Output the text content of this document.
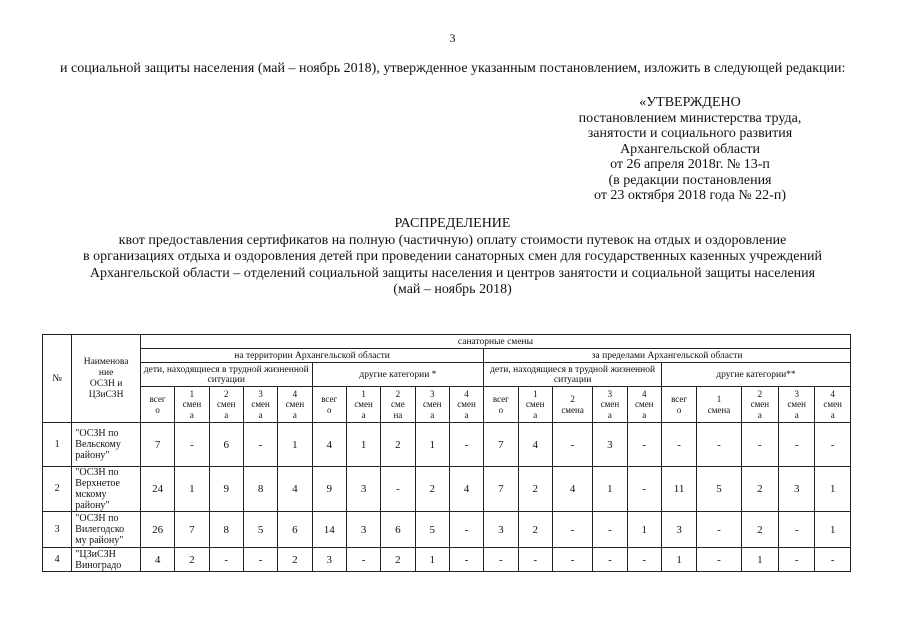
3
и социальной защиты населения (май – ноябрь 2018), утвержденное указанным постановлением, изложить в следующей редакции:
«УТВЕРЖДЕНО
постановлением министерства труда,
занятости и социального развития
Архангельской области
от 26 апреля 2018г. № 13-п
(в редакции постановления
от 23 октября 2018 года № 22-п)
РАСПРЕДЕЛЕНИЕ
квот предоставления сертификатов на полную (частичную) оплату стоимости путевок на отдых и оздоровление
в организациях отдыха и оздоровления детей при проведении санаторных смен для государственных казенных учреждений
Архангельской области – отделений социальной защиты населения и центров занятости и социальной защиты населения
(май – ноябрь 2018)
№	Наименова
ние
ОСЗН и
ЦЗиСЗН	санаторные смены																			
		на территории Архангельской области										за пределами Архангельской области									
		дети, находящиеся в трудной жизненной ситуации					другие категории *					дети, находящиеся в трудной жизненной ситуации					другие категории**				
		всег
о	1
смен
а	2
смен
а	3
смен
а	4
смен
а	всег
о	1
смен
а	2
сме
на	3
смен
а	4
смен
а	всег
о	1
смен
а	2
смена	3
смен
а	4
смен
а	всег
о	1
смена	2
смен
а	3
смен
а	4
смен
а
1	"ОСЗН по
Вельскому
району"	7	-	6	-	1	4	1	2	1	-	7	4	-	3	-	-	-	-	-	-
2	"ОСЗН по
Верхнетое
мскому
району"	24	1	9	8	4	9	3	-	2	4	7	2	4	1	-	11	5	2	3	1
3	"ОСЗН по
Вилегодско
му району"	26	7	8	5	6	14	3	6	5	-	3	2	-	-	1	3	-	2	-	1
4	"ЦЗиСЗН
Виноградо	4	2	-	-	2	3	-	2	1	-	-	-	-	-	-	1	-	1	-	-
